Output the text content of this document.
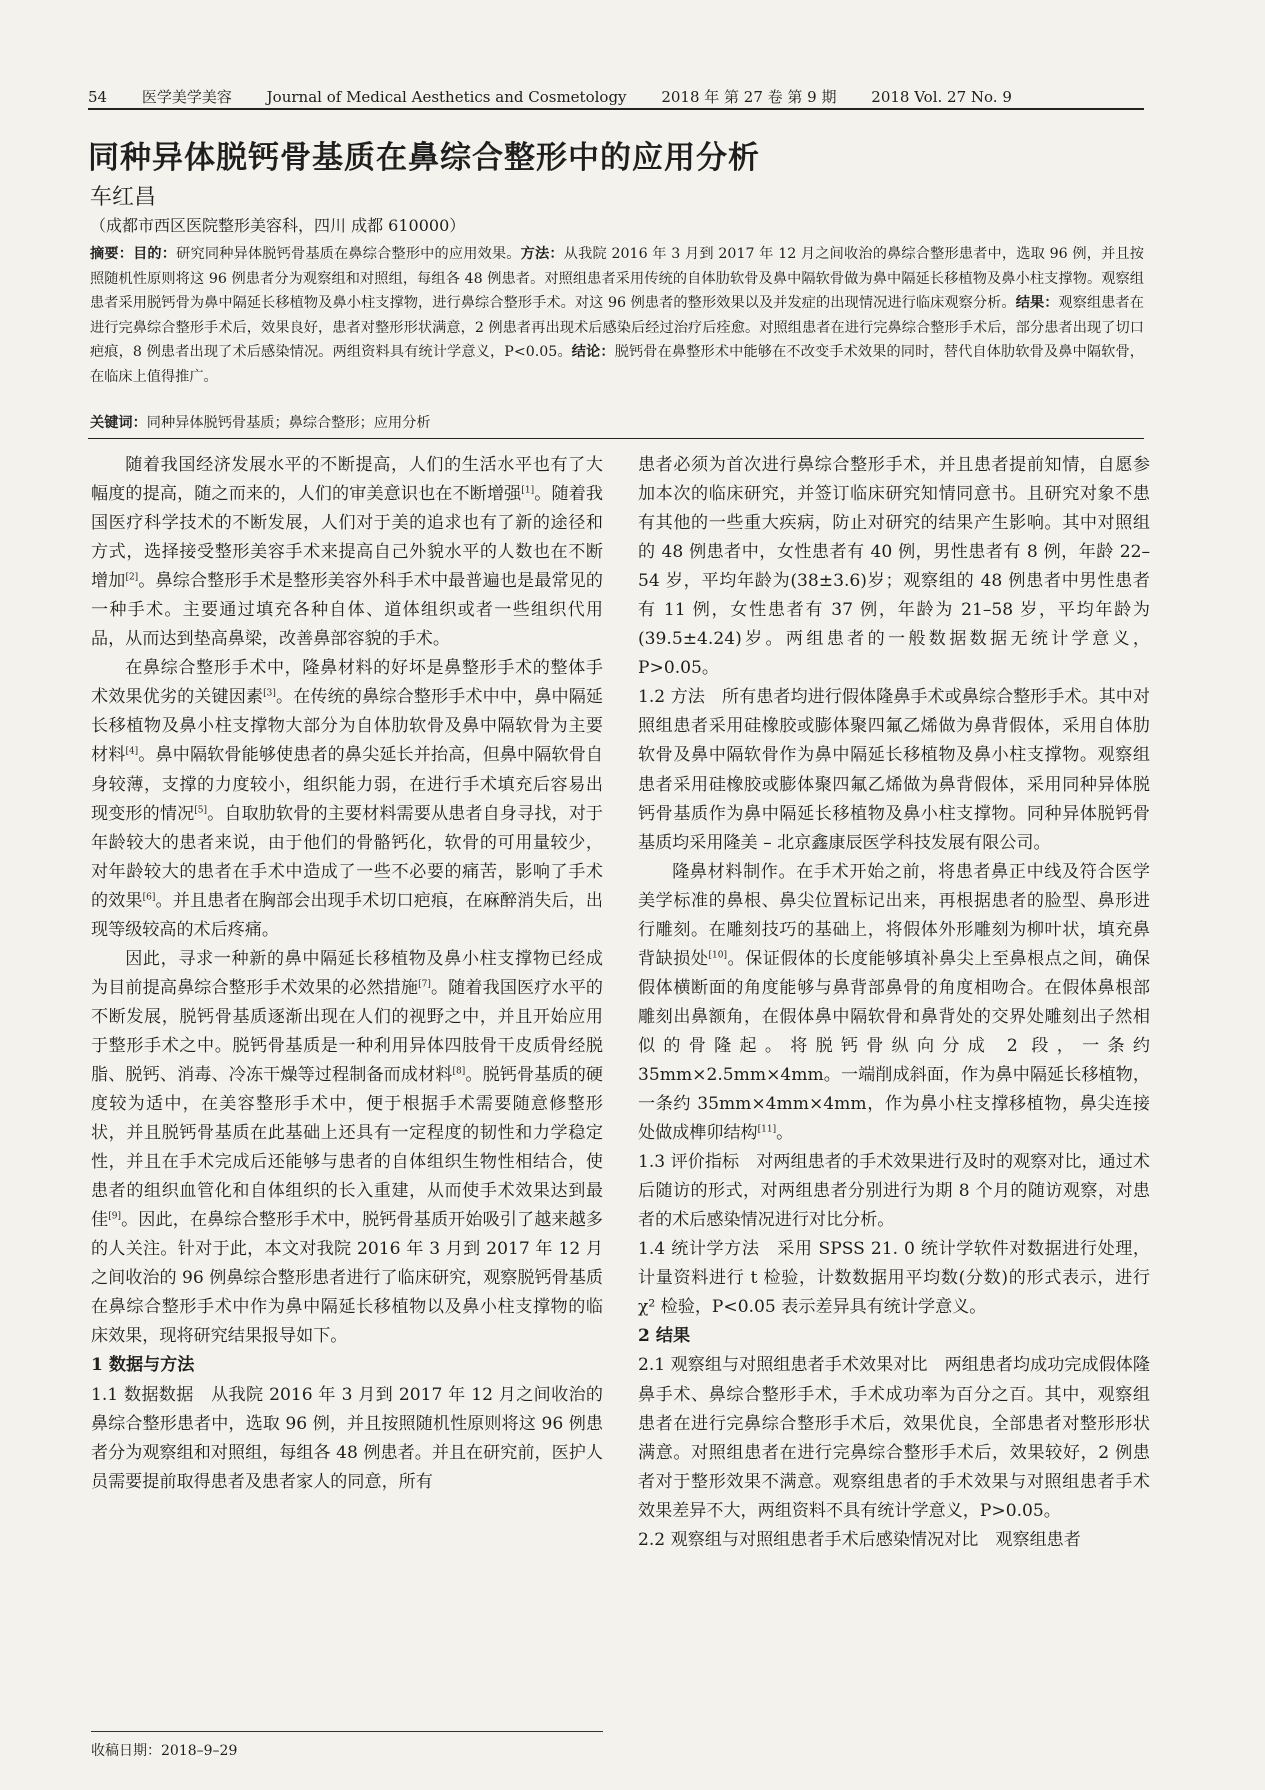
54 医学美学美容 Journal of Medical Aesthetics and Cosmetology 2018 年 第 27 卷 第 9 期 2018 Vol. 27 No. 9
同种异体脱钙骨基质在鼻综合整形中的应用分析
车红昌
（成都市西区医院整形美容科，四川 成都 610000）

摘要：目的：研究同种异体脱钙骨基质在鼻综合整形中的应用效果。方法：从我院 2016 年 3 月到 2017 年 12 月之间收治的鼻综合整形患者中，选取 96 例，并且按照随机性原则将这 96 例患者分为观察组和对照组，每组各 48 例患者。对照组患者采用传统的自体肋软骨及鼻中隔软骨做为鼻中隔延长移植物及鼻小柱支撑物。观察组患者采用脱钙骨为鼻中隔延长移植物及鼻小柱支撑物，进行鼻综合整形手术。对这 96 例患者的整形效果以及并发症的出现情况进行临床观察分析。结果：观察组患者在进行完鼻综合整形手术后，效果良好，患者对整形形状满意，2 例患者再出现术后感染后经过治疗后痊愈。对照组患者在进行完鼻综合整形手术后，部分患者出现了切口疤痕，8 例患者出现了术后感染情况。两组资料具有统计学意义，P<0.05。结论：脱钙骨在鼻整形术中能够在不改变手术效果的同时，替代自体肋软骨及鼻中隔软骨，在临床上值得推广。

关键词：同种异体脱钙骨基质；鼻综合整形；应用分析

随着我国经济发展水平的不断提高，人们的生活水平也有了大幅度的提高，随之而来的，人们的审美意识也在不断增强[1]。随着我国医疗科学技术的不断发展，人们对于美的追求也有了新的途径和方式，选择接受整形美容手术来提高自己外貌水平的人数也在不断增加[2]。鼻综合整形手术是整形美容外科手术中最普遍也是最常见的一种手术。主要通过填充各种自体、道体组织或者一些组织代用品，从而达到垫高鼻梁，改善鼻部容貌的手术。

在鼻综合整形手术中，隆鼻材料的好坏是鼻整形手术的整体手术效果优劣的关键因素[3]。在传统的鼻综合整形手术中中，鼻中隔延长移植物及鼻小柱支撑物大部分为自体肋软骨及鼻中隔软骨为主要材料[4]。鼻中隔软骨能够使患者的鼻尖延长并抬高，但鼻中隔软骨自身较薄，支撑的力度较小，组织能力弱，在进行手术填充后容易出现变形的情况[5]。自取肋软骨的主要材料需要从患者自身寻找，对于年龄较大的患者来说，由于他们的骨骼钙化，软骨的可用量较少，对年龄较大的患者在手术中造成了一些不必要的痛苦，影响了手术的效果[6]。并且患者在胸部会出现手术切口疤痕，在麻醉消失后，出现等级较高的术后疼痛。

因此，寻求一种新的鼻中隔延长移植物及鼻小柱支撑物已经成为目前提高鼻综合整形手术效果的必然措施[7]。随着我国医疗水平的不断发展，脱钙骨基质逐渐出现在人们的视野之中，并且开始应用于整形手术之中。脱钙骨基质是一种利用异体四肢骨干皮质骨经脱脂、脱钙、消毒、冷冻干燥等过程制备而成材料[8]。脱钙骨基质的硬度较为适中，在美容整形手术中，便于根据手术需要随意修整形状，并且脱钙骨基质在此基础上还具有一定程度的韧性和力学稳定性，并且在手术完成后还能够与患者的自体组织生物性相结合，使患者的组织血管化和自体组织的长入重建，从而使手术效果达到最佳[9]。因此，在鼻综合整形手术中，脱钙骨基质开始吸引了越来越多的人关注。针对于此，本文对我院 2016 年 3 月到 2017 年 12 月之间收治的 96 例鼻综合整形患者进行了临床研究，观察脱钙骨基质在鼻综合整形手术中作为鼻中隔延长移植物以及鼻小柱支撑物的临床效果，现将研究结果报导如下。

1 数据与方法

1.1 数据数据　 从我院 2016 年 3 月到 2017 年 12 月之间收治的鼻综合整形患者中，选取 96 例，并且按照随机性原则将这 96 例患者分为观察组和对照组，每组各 48 例患者。并且在研究前，医护人员需要提前取得患者及患者家人的同意，所有

患者必须为首次进行鼻综合整形手术，并且患者提前知情，自愿参加本次的临床研究，并签订临床研究知情同意书。且研究对象不患有其他的一些重大疾病，防止对研究的结果产生影响。其中对照组的 48 例患者中，女性患者有 40 例，男性患者有 8 例，年龄 22–54 岁，平均年龄为(38±3.6)岁；观察组的 48 例患者中男性患者有 11 例，女性患者有 37 例，年龄为 21–58 岁，平均年龄为(39.5±4.24)岁。两组患者的一般数据数据无统计学意义，P>0.05。

1.2 方法　 所有患者均进行假体隆鼻手术或鼻综合整形手术。其中对照组患者采用硅橡胶或膨体聚四氟乙烯做为鼻背假体，采用自体肋软骨及鼻中隔软骨作为鼻中隔延长移植物及鼻小柱支撑物。观察组患者采用硅橡胶或膨体聚四氟乙烯做为鼻背假体，采用同种异体脱钙骨基质作为鼻中隔延长移植物及鼻小柱支撑物。同种异体脱钙骨基质均采用隆美 – 北京鑫康辰医学科技发展有限公司。

隆鼻材料制作。在手术开始之前，将患者鼻正中线及符合医学美学标准的鼻根、鼻尖位置标记出来，再根据患者的脸型、鼻形进行雕刻。在雕刻技巧的基础上，将假体外形雕刻为柳叶状，填充鼻背缺损处[10]。保证假体的长度能够填补鼻尖上至鼻根点之间，确保假体横断面的角度能够与鼻背部鼻骨的角度相吻合。在假体鼻根部雕刻出鼻额角，在假体鼻中隔软骨和鼻背处的交界处雕刻出子然相似的骨隆起。将脱钙骨纵向分成 2 段，一条约 35mm×2.5mm×4mm。一端削成斜面，作为鼻中隔延长移植物，一条约 35mm×4mm×4mm，作为鼻小柱支撑移植物，鼻尖连接处做成榫卯结构[11]。

1.3 评价指标　 对两组患者的手术效果进行及时的观察对比，通过术后随访的形式，对两组患者分别进行为期 8 个月的随访观察，对患者的术后感染情况进行对比分析。

1.4 统计学方法　 采用 SPSS 21. 0 统计学软件对数据进行处理，计量资料进行 t 检验，计数数据用平均数(分数)的形式表示，进行 χ² 检验，P<0.05 表示差异具有统计学意义。

2 结果

2.1 观察组与对照组患者手术效果对比　 两组患者均成功完成假体隆鼻手术、鼻综合整形手术，手术成功率为百分之百。其中，观察组患者在进行完鼻综合整形手术后，效果优良，全部患者对整形形状满意。对照组患者在进行完鼻综合整形手术后，效果较好，2 例患者对于整形效果不满意。观察组患者的手术效果与对照组患者手术效果差异不大，两组资料不具有统计学意义，P>0.05。

2.2 观察组与对照组患者手术后感染情况对比　 观察组患者

收稿日期：2018–9–29
